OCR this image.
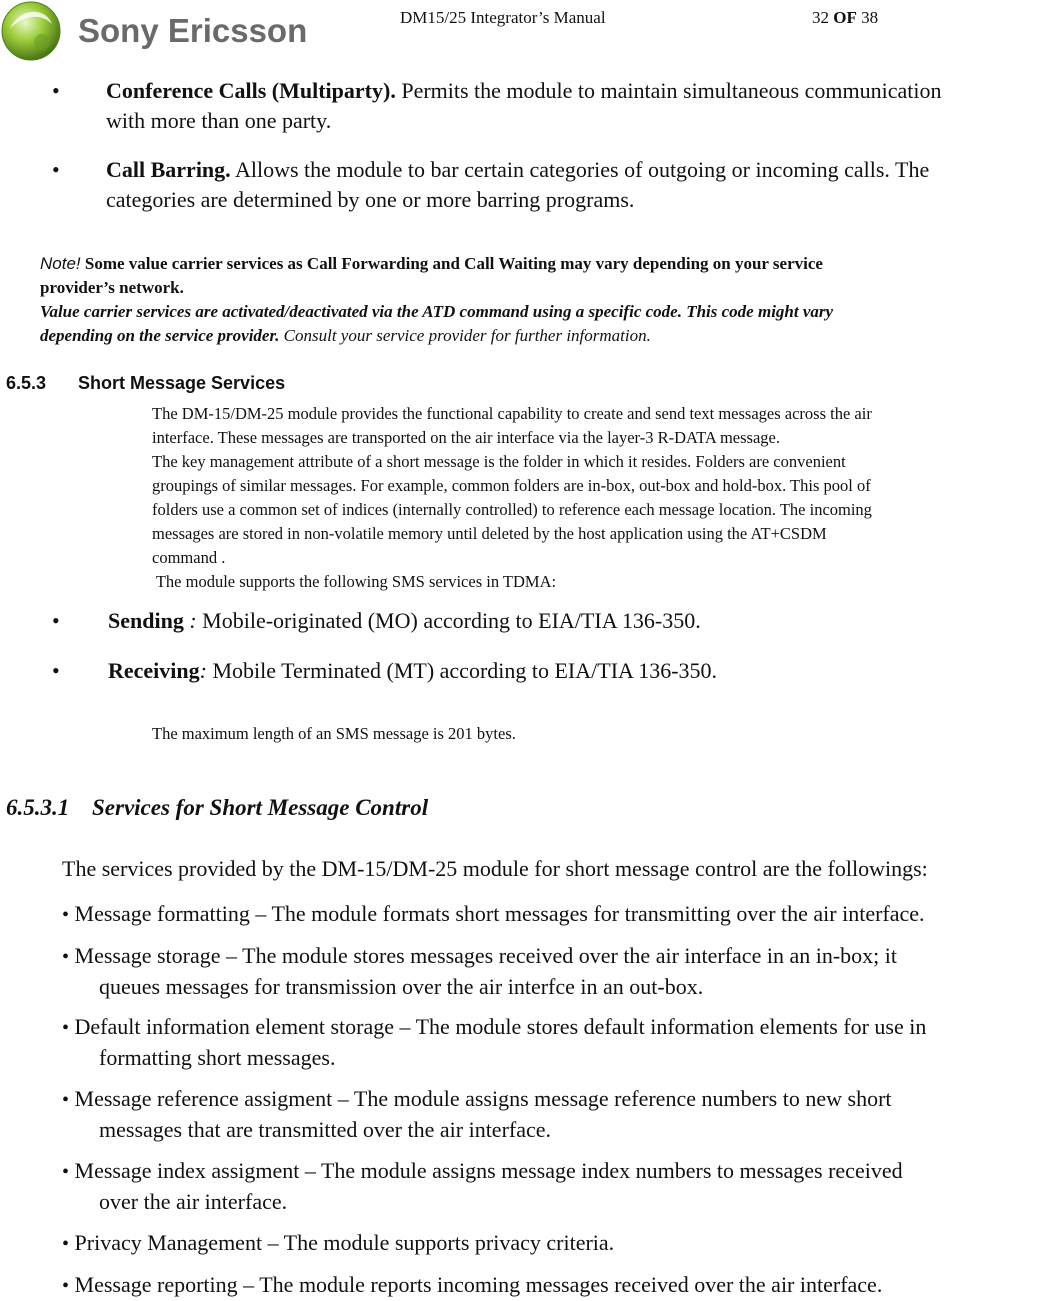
Sony Ericsson	DM15/25 Integrator’s Manual	32 OF 38
• Conference Calls (Multiparty). Permits the module to maintain simultaneous communication
with more than one party.
• Call Barring. Allows the module to bar certain categories of outgoing or incoming calls. The
categories are determined by one or more barring programs.
Note! Some value carrier services as Call Forwarding and Call Waiting may vary depending on your service
provider’s network.
Value carrier services are activated/deactivated via the ATD command using a specific code. This code might vary
depending on the service provider. Consult your service provider for further information.
6.5.3 Short Message Services
The DM-15/DM-25 module provides the functional capability to create and send text messages across the air
interface. These messages are transported on the air interface via the layer-3 R-DATA message.
The key management attribute of a short message is the folder in which it resides. Folders are convenient
groupings of similar messages. For example, common folders are in-box, out-box and hold-box. This pool of
folders use a common set of indices (internally controlled) to reference each message location. The incoming
messages are stored in non-volatile memory until deleted by the host application using the AT+CSDM
command .
The module supports the following SMS services in TDMA:
• Sending : Mobile-originated (MO) according to EIA/TIA 136-350.
• Receiving: Mobile Terminated (MT) according to EIA/TIA 136-350.
The maximum length of an SMS message is 201 bytes.
6.5.3.1 Services for Short Message Control
The services provided by the DM-15/DM-25 module for short message control are the followings:
• Message formatting – The module formats short messages for transmitting over the air interface.
• Message storage – The module stores messages received over the air interface in an in-box; it
queues messages for transmission over the air interfce in an out-box.
• Default information element storage – The module stores default information elements for use in
formatting short messages.
• Message reference assigment – The module assigns message reference numbers to new short
messages that are transmitted over the air interface.
• Message index assigment – The module assigns message index numbers to messages received
over the air interface.
• Privacy Management – The module supports privacy criteria.
• Message reporting – The module reports incoming messages received over the air interface.
